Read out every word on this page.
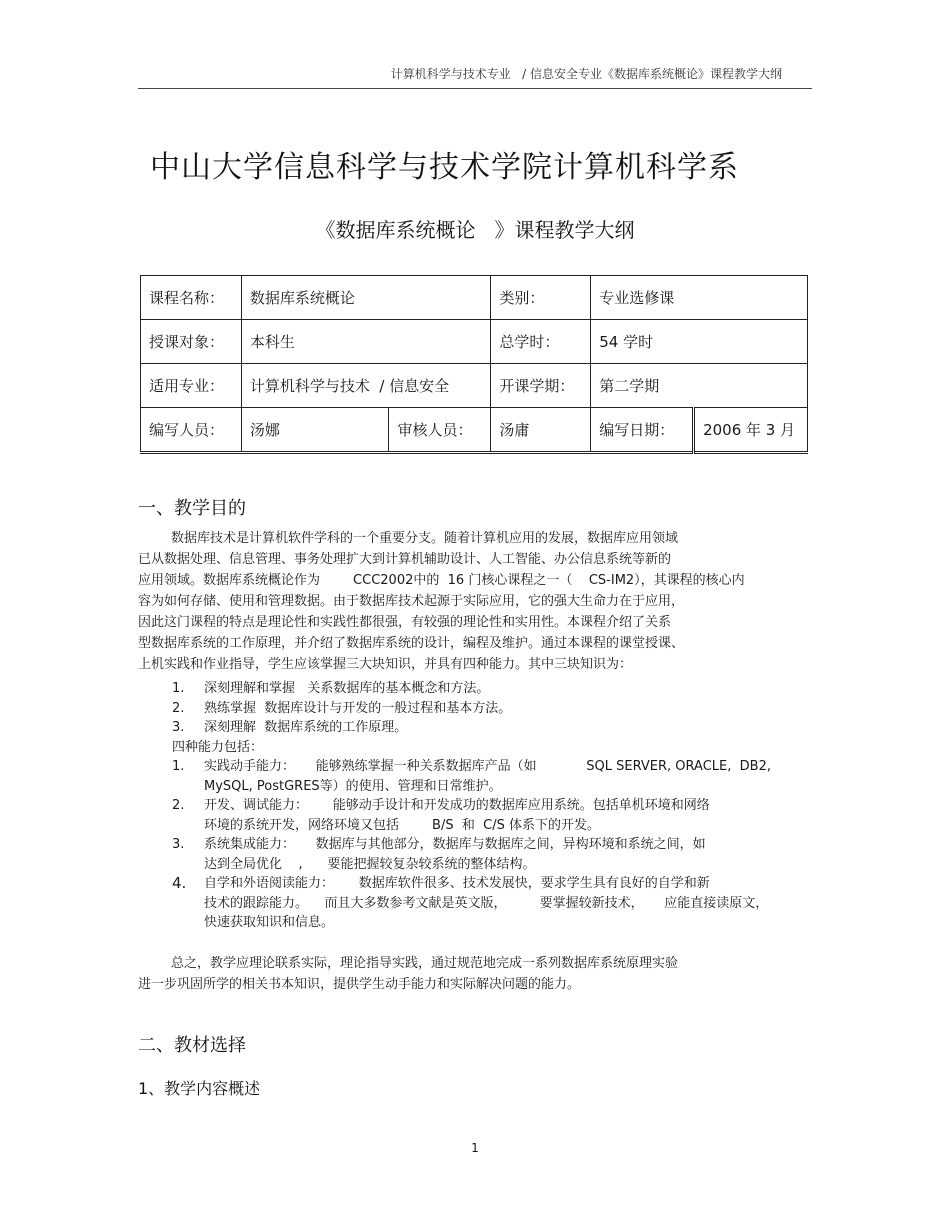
计算机科学与技术专业   / 信息安全专业《数据库系统概论》课程教学大纲
中山大学信息科学与技术学院计算机科学系
《数据库系统概论   》课程教学大纲
课程名称：	数据库系统概论		类别：	专业选修课	
授课对象：	本科生		总学时：	54 学时	
适用专业：	计算机科学与技术  / 信息安全		开课学期：	第二学期	
编写人员：	汤娜	审核人员：	汤庸	编写日期：	2006 年 3 月
一、教学目的
数据库技术是计算机软件学科的一个重要分支。随着计算机应用的发展，数据库应用领域
已从数据处理、信息管理、事务处理扩大到计算机辅助设计、人工智能、办公信息系统等新的
应用领域。数据库系统概论作为        CCC2002中的  16 门核心课程之一（    CS-IM2），其课程的核心内
容为如何存储、使用和管理数据。由于数据库技术起源于实际应用，它的强大生命力在于应用，
因此这门课程的特点是理论性和实践性都很强，有较强的理论性和实用性。本课程介绍了关系
型数据库系统的工作原理，并介绍了数据库系统的设计，编程及维护。通过本课程的课堂授课、
上机实践和作业指导，学生应该掌握三大块知识，并具有四种能力。其中三块知识为：
1. 深刻理解和掌握   关系数据库的基本概念和方法。
2. 熟练掌握  数据库设计与开发的一般过程和基本方法。
3. 深刻理解  数据库系统的工作原理。
四种能力包括：
1. 实践动手能力：     能够熟练掌握一种关系数据库产品（如            SQL SERVER, ORACLE,  DB2,
MySQL, PostGRES等）的使用、管理和日常维护。
2. 开发、调试能力：      能够动手设计和开发成功的数据库应用系统。包括单机环境和网络
环境的系统开发，网络环境又包括        B/S  和  C/S 体系下的开发。
3. 系统集成能力：     数据库与其他部分，数据库与数据库之间，异构环境和系统之间，如
达到全局优化    ,      要能把握较复杂较系统的整体结构。
4. 自学和外语阅读能力：      数据库软件很多、技术发展快，要求学生具有良好的自学和新
技术的跟踪能力。    而且大多数参考文献是英文版，        要掌握较新技术，     应能直接读原文，
快速获取知识和信息。
总之，教学应理论联系实际，理论指导实践，通过规范地完成一系列数据库系统原理实验
进一步巩固所学的相关书本知识，提供学生动手能力和实际解决问题的能力。
二、教材选择
1、教学内容概述
1
